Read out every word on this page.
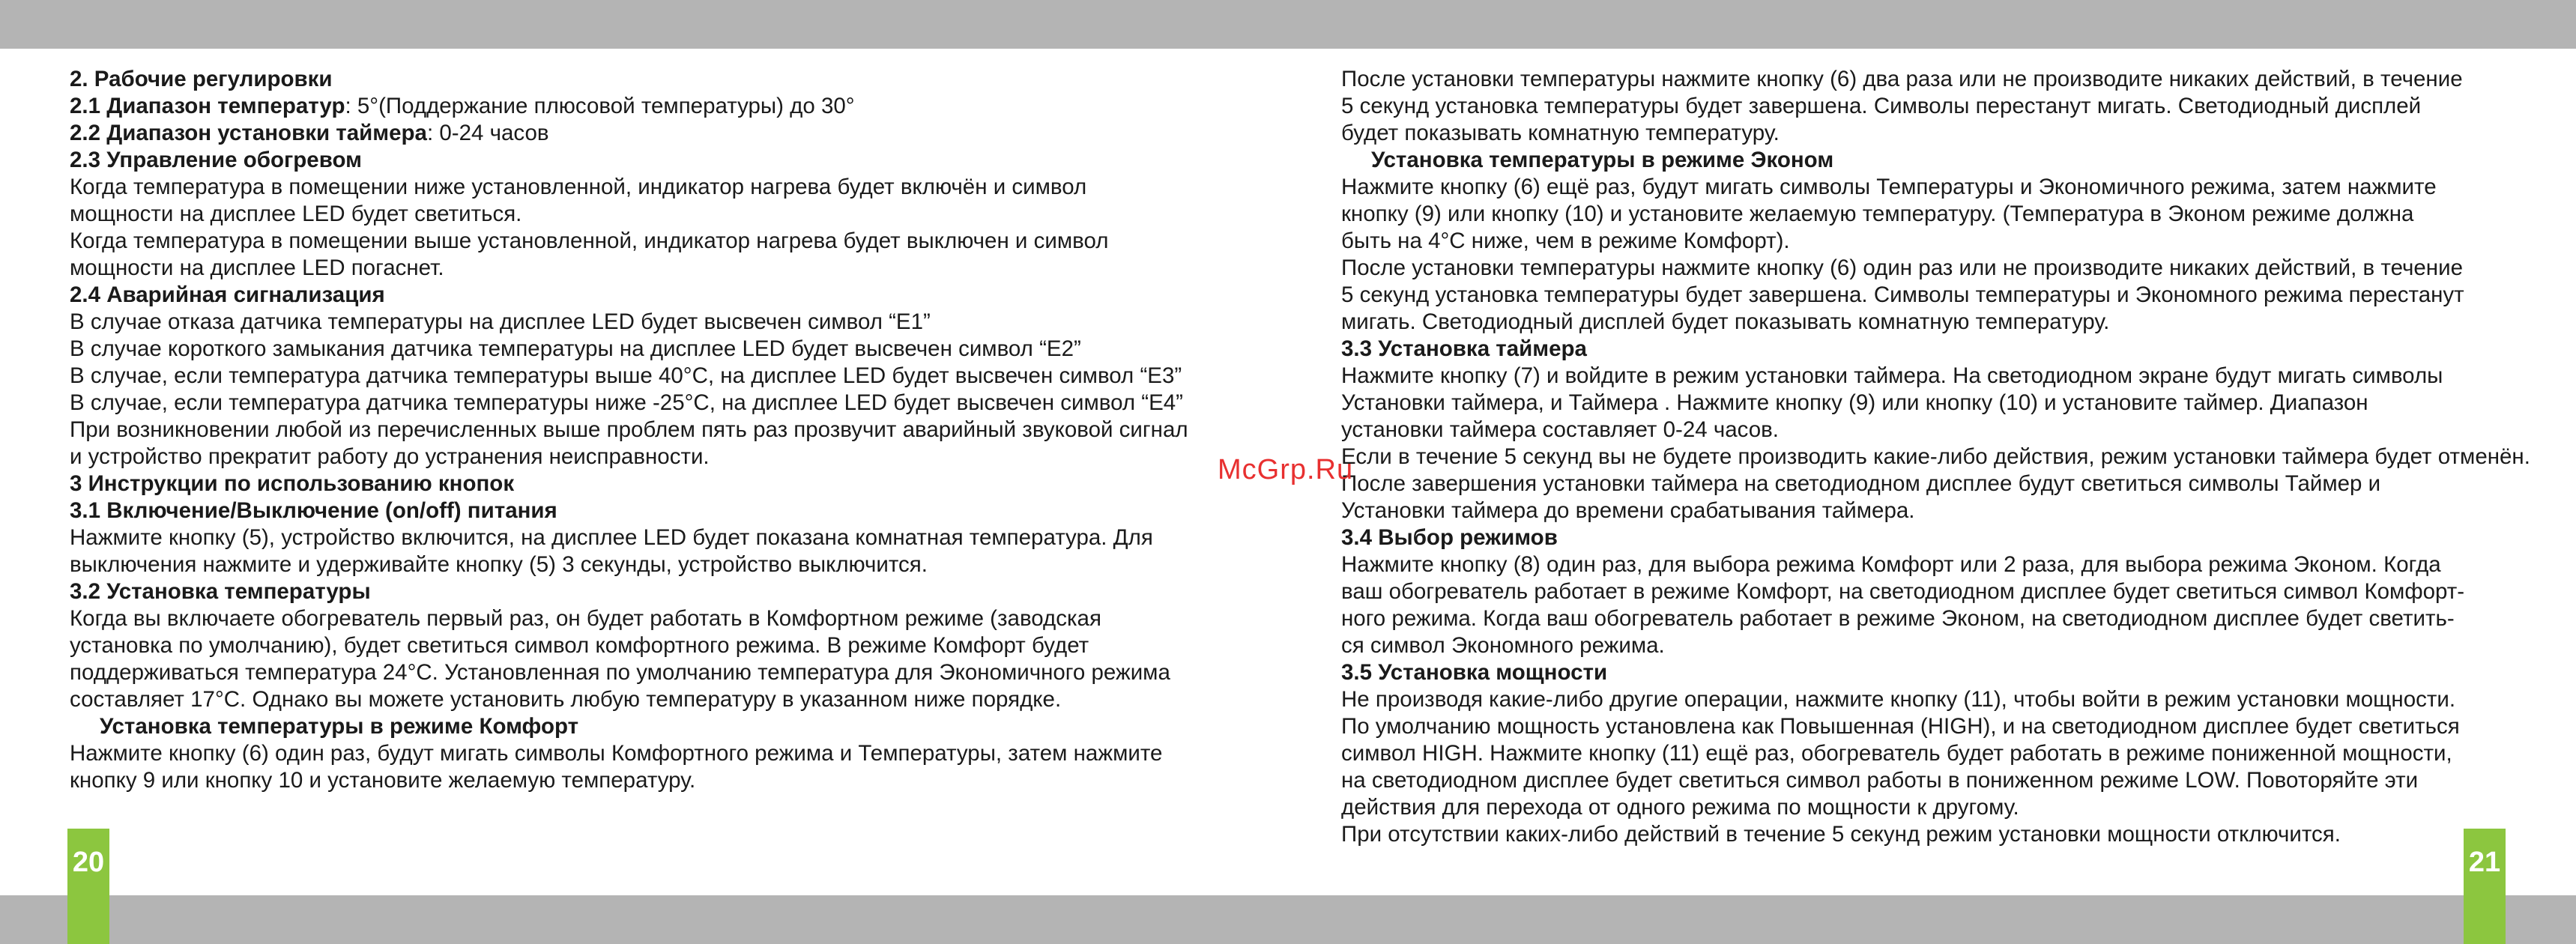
2. Рабочие регулировки
2.1 Диапазон температур: 5°(Поддержание плюсовой температуры) до 30°
2.2 Диапазон установки таймера: 0-24 часов
2.3 Управление обогревом
Когда температура в помещении ниже установленной, индикатор нагрева будет включён и символ
мощности на дисплее LED будет светиться.
Когда температура в помещении выше установленной, индикатор нагрева будет выключен и символ
мощности на дисплее LED погаснет.
2.4 Аварийная сигнализация
В случае отказа датчика температуры на дисплее LED будет высвечен символ “E1”
В случае короткого замыкания датчика температуры на дисплее LED будет высвечен символ “E2”
В случае, если температура датчика температуры выше 40°C, на дисплее LED будет высвечен символ “E3”
В случае, если температура датчика температуры ниже -25°C, на дисплее LED будет высвечен символ “E4”
При возникновении любой из перечисленных выше проблем пять раз прозвучит аварийный звуковой сигнал
и устройство прекратит работу до устранения неисправности.
3 Инструкции по использованию кнопок
3.1 Включение/Выключение (on/off) питания
Нажмите кнопку (5), устройство включится, на дисплее LED будет показана комнатная температура. Для
выключения нажмите и удерживайте кнопку (5) 3 секунды, устройство выключится.
3.2 Установка температуры
Когда вы включаете обогреватель первый раз, он будет работать в Комфортном режиме (заводская
установка по умолчанию), будет светиться символ комфортного режима. В режиме Комфорт будет
поддерживаться температура 24°C. Установленная по умолчанию температура для Экономичного режима
составляет 17°C. Однако вы можете установить любую температуру в указанном ниже порядке.
Установка температуры в режиме Комфорт
Нажмите кнопку (6) один раз, будут мигать символы Комфортного режима и Температуры, затем нажмите
кнопку 9 или кнопку 10 и установите желаемую температуру.
После установки температуры нажмите кнопку (6) два раза или не производите никаких действий, в течение
5 секунд установка температуры будет завершена. Символы перестанут мигать. Светодиодный дисплей
будет показывать комнатную температуру.
Установка температуры в режиме Эконом
Нажмите кнопку (6) ещё раз, будут мигать символы Температуры и Экономичного режима, затем нажмите
кнопку (9) или кнопку (10) и установите желаемую температуру. (Температура в Эконом режиме должна
быть на 4°C ниже, чем в режиме Комфорт).
После установки температуры нажмите кнопку (6) один раз или не производите никаких действий, в течение
5 секунд установка температуры будет завершена. Символы температуры и Экономного режима перестанут
мигать. Светодиодный дисплей будет показывать комнатную температуру.
3.3 Установка таймера
Нажмите кнопку (7) и войдите в режим установки таймера. На светодиодном экране будут мигать символы
Установки таймера, и Таймера . Нажмите кнопку (9) или кнопку (10) и установите таймер. Диапазон
установки таймера составляет 0-24 часов.
Если в течение 5 секунд вы не будете производить какие-либо действия, режим установки таймера будет отменён.
После завершения установки таймера на светодиодном дисплее будут светиться символы Таймер и
Установки таймера до времени срабатывания таймера.
3.4 Выбор режимов
Нажмите кнопку (8) один раз, для выбора режима Комфорт или 2 раза, для выбора режима Эконом. Когда
ваш обогреватель работает в режиме Комфорт, на светодиодном дисплее будет светиться символ Комфорт-
ного режима. Когда ваш обогреватель работает в режиме Эконом, на светодиодном дисплее будет светить-
ся символ Экономного режима.
3.5 Установка мощности
Не производя какие-либо другие операции, нажмите кнопку (11), чтобы войти в режим установки мощности.
По умолчанию мощность установлена как Повышенная (HIGH), и на светодиодном дисплее будет светиться
символ HIGH. Нажмите кнопку (11) ещё раз, обогреватель будет работать в режиме пониженной мощности,
на светодиодном дисплее будет светиться символ работы в пониженном режиме LOW. Повоторяйте эти
действия для перехода от одного режима по мощности к другому.
При отсутствии каких-либо действий в течение 5 секунд режим установки мощности отключится.
McGrp.Ru
20	21
